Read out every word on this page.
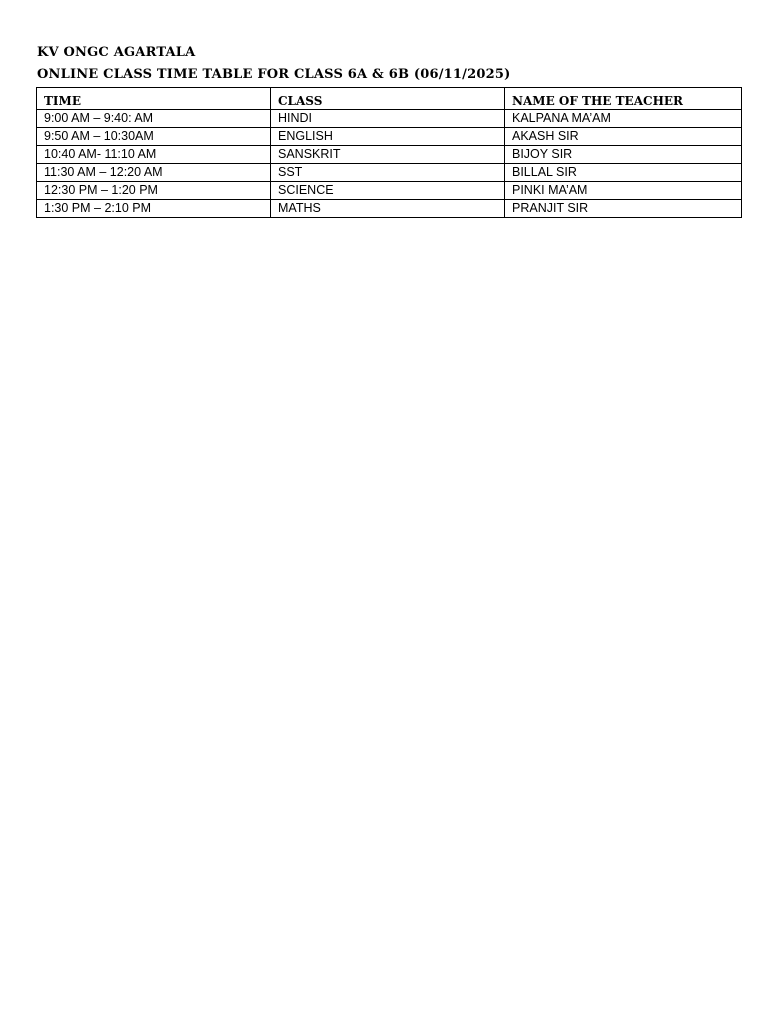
KV ONGC AGARTALA
ONLINE CLASS TIME TABLE FOR CLASS 6A & 6B (06/11/2025)
TIME	CLASS	NAME OF THE TEACHER
9:00 AM – 9:40: AM	HINDI	KALPANA MA’AM
9:50 AM – 10:30AM	ENGLISH	AKASH SIR
10:40 AM- 11:10 AM	SANSKRIT	BIJOY SIR
11:30 AM – 12:20 AM	SST	BILLAL SIR
12:30 PM – 1:20 PM	SCIENCE	PINKI MA’AM
1:30 PM – 2:10 PM	MATHS	PRANJIT SIR
